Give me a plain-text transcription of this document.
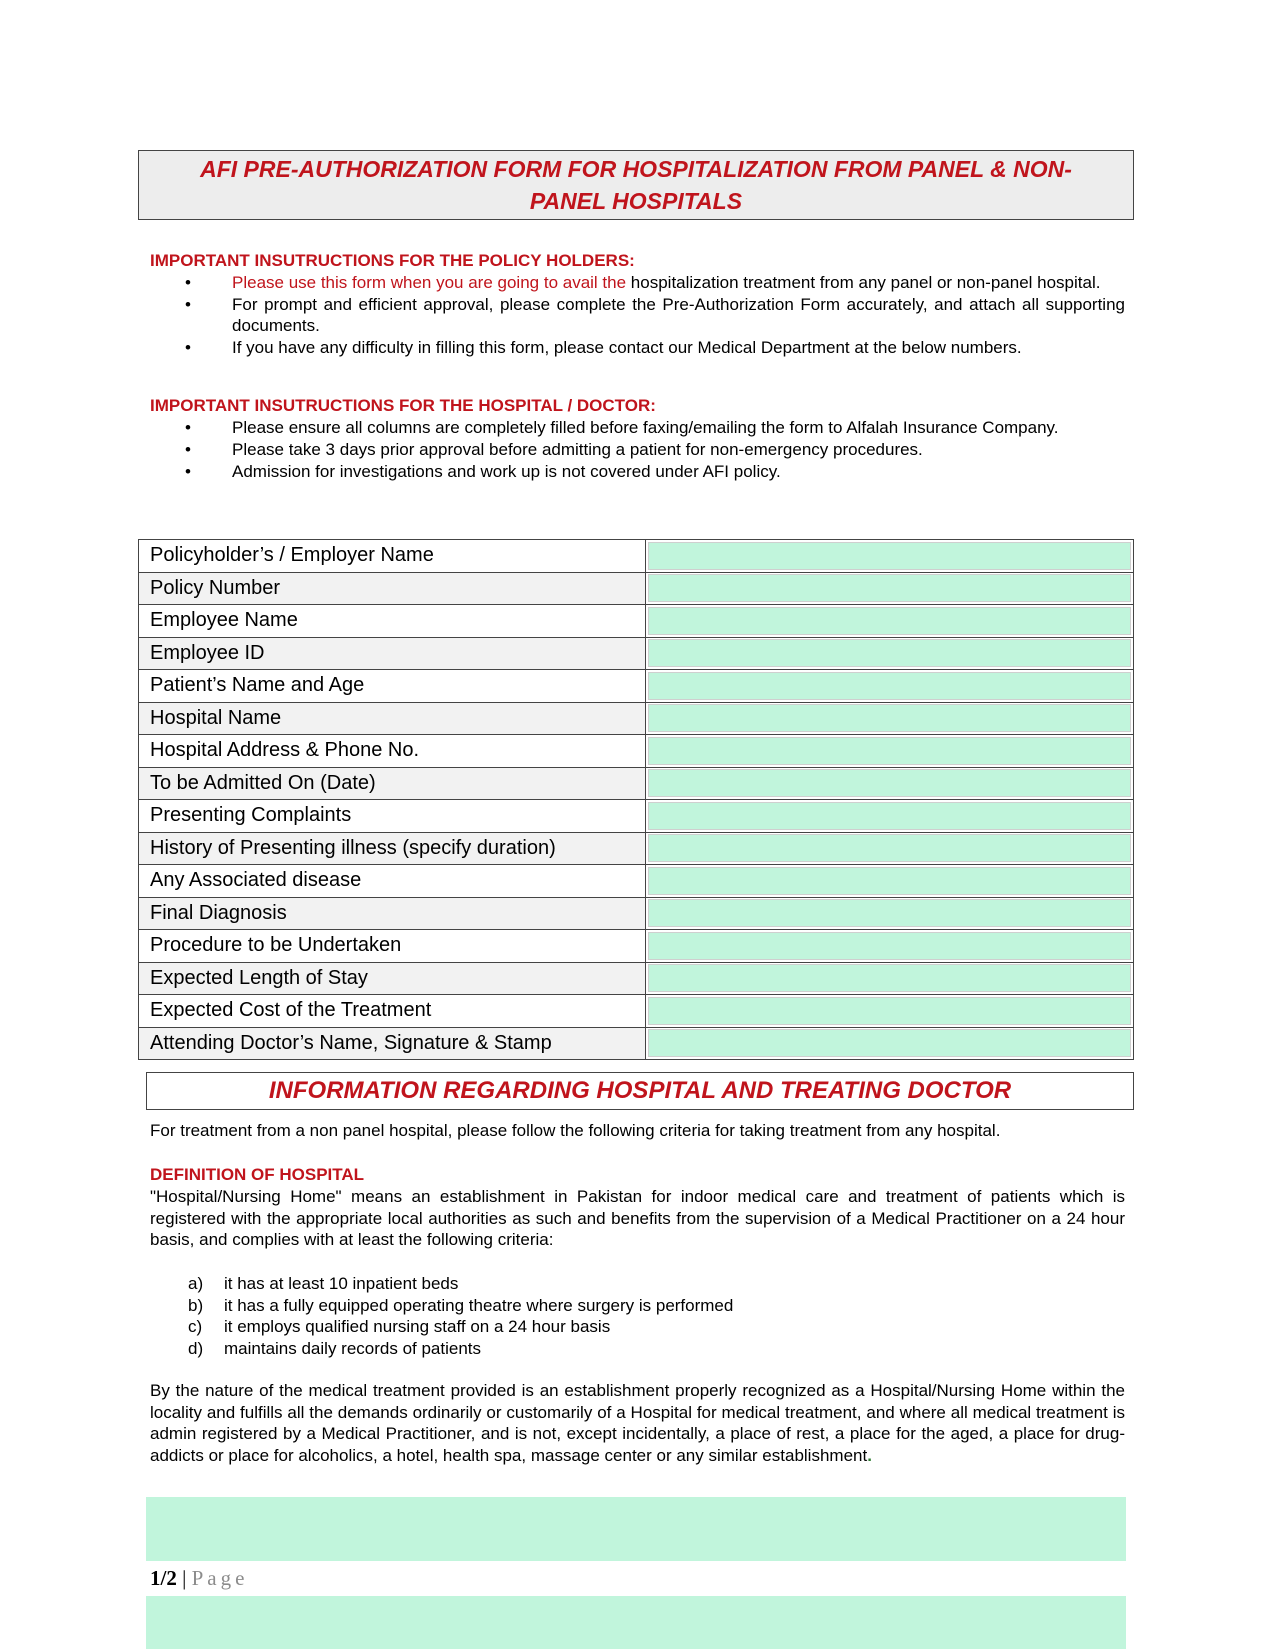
AFI PRE-AUTHORIZATION FORM FOR HOSPITALIZATION FROM PANEL & NON-PANEL HOSPITALS
IMPORTANT INSUTRUCTIONS FOR THE POLICY HOLDERS:
• Please use this form when you are going to avail the hospitalization treatment from any panel or non-panel hospital.
• For prompt and efficient approval, please complete the Pre-Authorization Form accurately, and attach all supporting documents.
• If you have any difficulty in filling this form, please contact our Medical Department at the below numbers.
IMPORTANT INSUTRUCTIONS FOR THE HOSPITAL / DOCTOR:
• Please ensure all columns are completely filled before faxing/emailing the form to Alfalah Insurance Company.
• Please take 3 days prior approval before admitting a patient for non-emergency procedures.
• Admission for investigations and work up is not covered under AFI policy.
Policyholder’s / Employer Name	

Policy Number	

Employee Name	

Employee ID	

Patient’s Name and Age	

Hospital Name	

Hospital Address & Phone No.	

To be Admitted On (Date)	

Presenting Complaints	

History of Presenting illness (specify duration)	

Any Associated disease	

Final Diagnosis	

Procedure to be Undertaken	

Expected Length of Stay	

Expected Cost of the Treatment	

Attending Doctor’s Name, Signature & Stamp	
INFORMATION REGARDING HOSPITAL AND TREATING DOCTOR
For treatment from a non panel hospital, please follow the following criteria for taking treatment from any hospital.
DEFINITION OF HOSPITAL
"Hospital/Nursing Home" means an establishment in Pakistan for indoor medical care and treatment of patients which is registered with the appropriate local authorities as such and benefits from the supervision of a Medical Practitioner on a 24 hour basis, and complies with at least the following criteria:
a) it has at least 10 inpatient beds
b) it has a fully equipped operating theatre where surgery is performed
c) it employs qualified nursing staff on a 24 hour basis
d) maintains daily records of patients
By the nature of the medical treatment provided is an establishment properly recognized as a Hospital/Nursing Home within the locality and fulfills all the demands ordinarily or customarily of a Hospital for medical treatment, and where all medical treatment is admin registered by a Medical Practitioner, and is not, except incidentally, a place of rest, a place for the aged, a place for drug-addicts or place for alcoholics, a hotel, health spa, massage center or any similar establishment.
1/2 | Page
